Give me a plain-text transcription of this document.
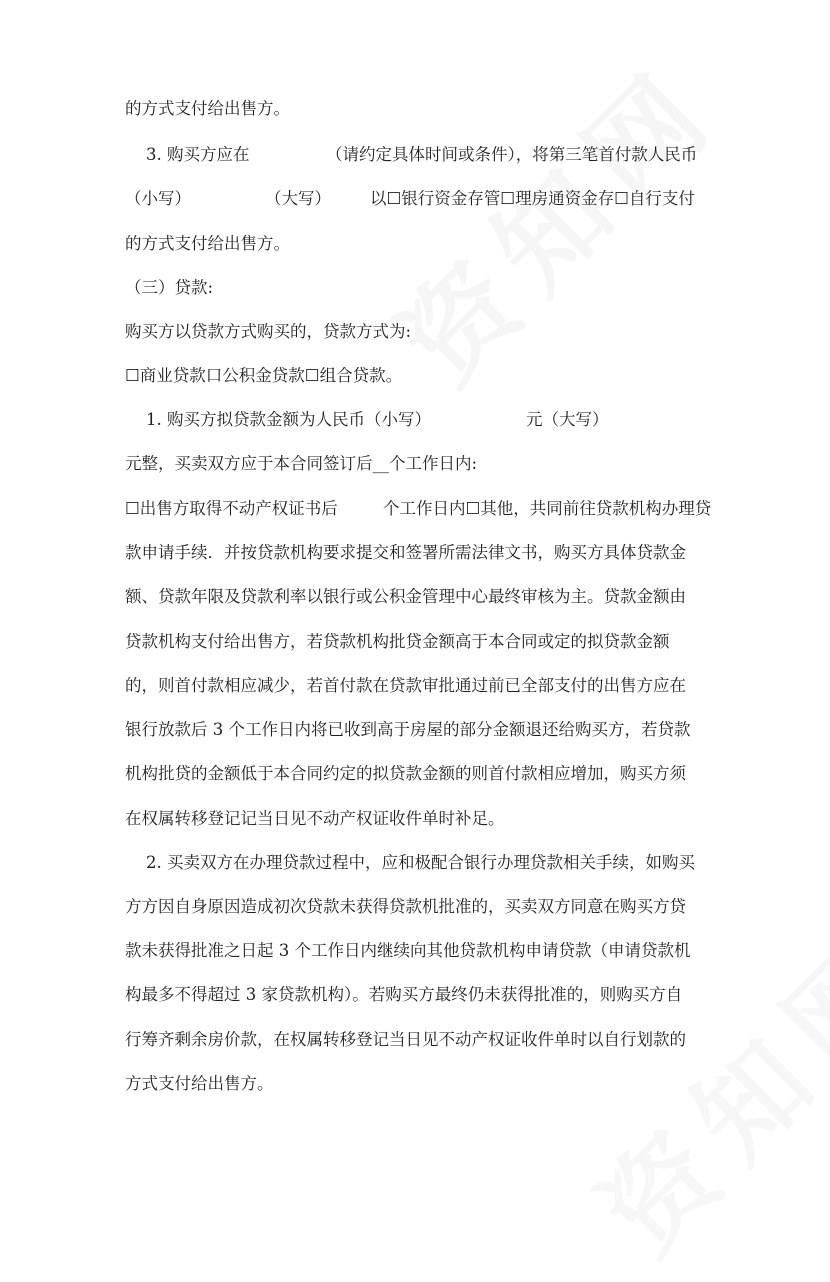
的方式支付给出售方。
3. 购买方应在	（请约定具体时间或条件），将第三笔首付款人民币
（小写）	（大写） 以☐银行资金存管☐理房通资金存☐自行支付
的方式支付给出售方。
（三）贷款:
购买方以贷款方式购买的，贷款方式为:
☐商业贷款口公积金贷款☐组合贷款。
1. 购买方拟贷款金额为人民币（小写）	元（大写）
元整，买卖双方应于本合同签订后__个工作日内:
☐出售方取得不动产权证书后	个工作日内☐其他，共同前往贷款机构办理贷
款申请手续．并按贷款机构要求提交和签署所需法律文书，购买方具体贷款金
额、贷款年限及贷款利率以银行或公积金管理中心最终审核为主。贷款金额由
贷款机构支付给出售方，若贷款机构批贷金额高于本合同或定的拟贷款金额
的，则首付款相应减少，若首付款在贷款审批通过前已全部支付的出售方应在
银行放款后 3 个工作日内将已收到高于房屋的部分金额退还给购买方，若贷款
机构批贷的金额低于本合同约定的拟贷款金额的则首付款相应增加，购买方须
在权属转移登记记当日见不动产权证收件单时补足。
2. 买卖双方在办理贷款过程中，应和极配合银行办理贷款相关手续，如购买
方方因自身原因造成初次贷款未获得贷款机批准的，买卖双方同意在购买方贷
款未获得批准之日起 3 个工作日内继续向其他贷款机构申请贷款（申请贷款机
构最多不得超过 3 家贷款机构）。若购买方最终仍未获得批准的，则购买方自
行筹齐剩余房价款，在权属转移登记当日见不动产权证收件单时以自行划款的
方式支付给出售方。
